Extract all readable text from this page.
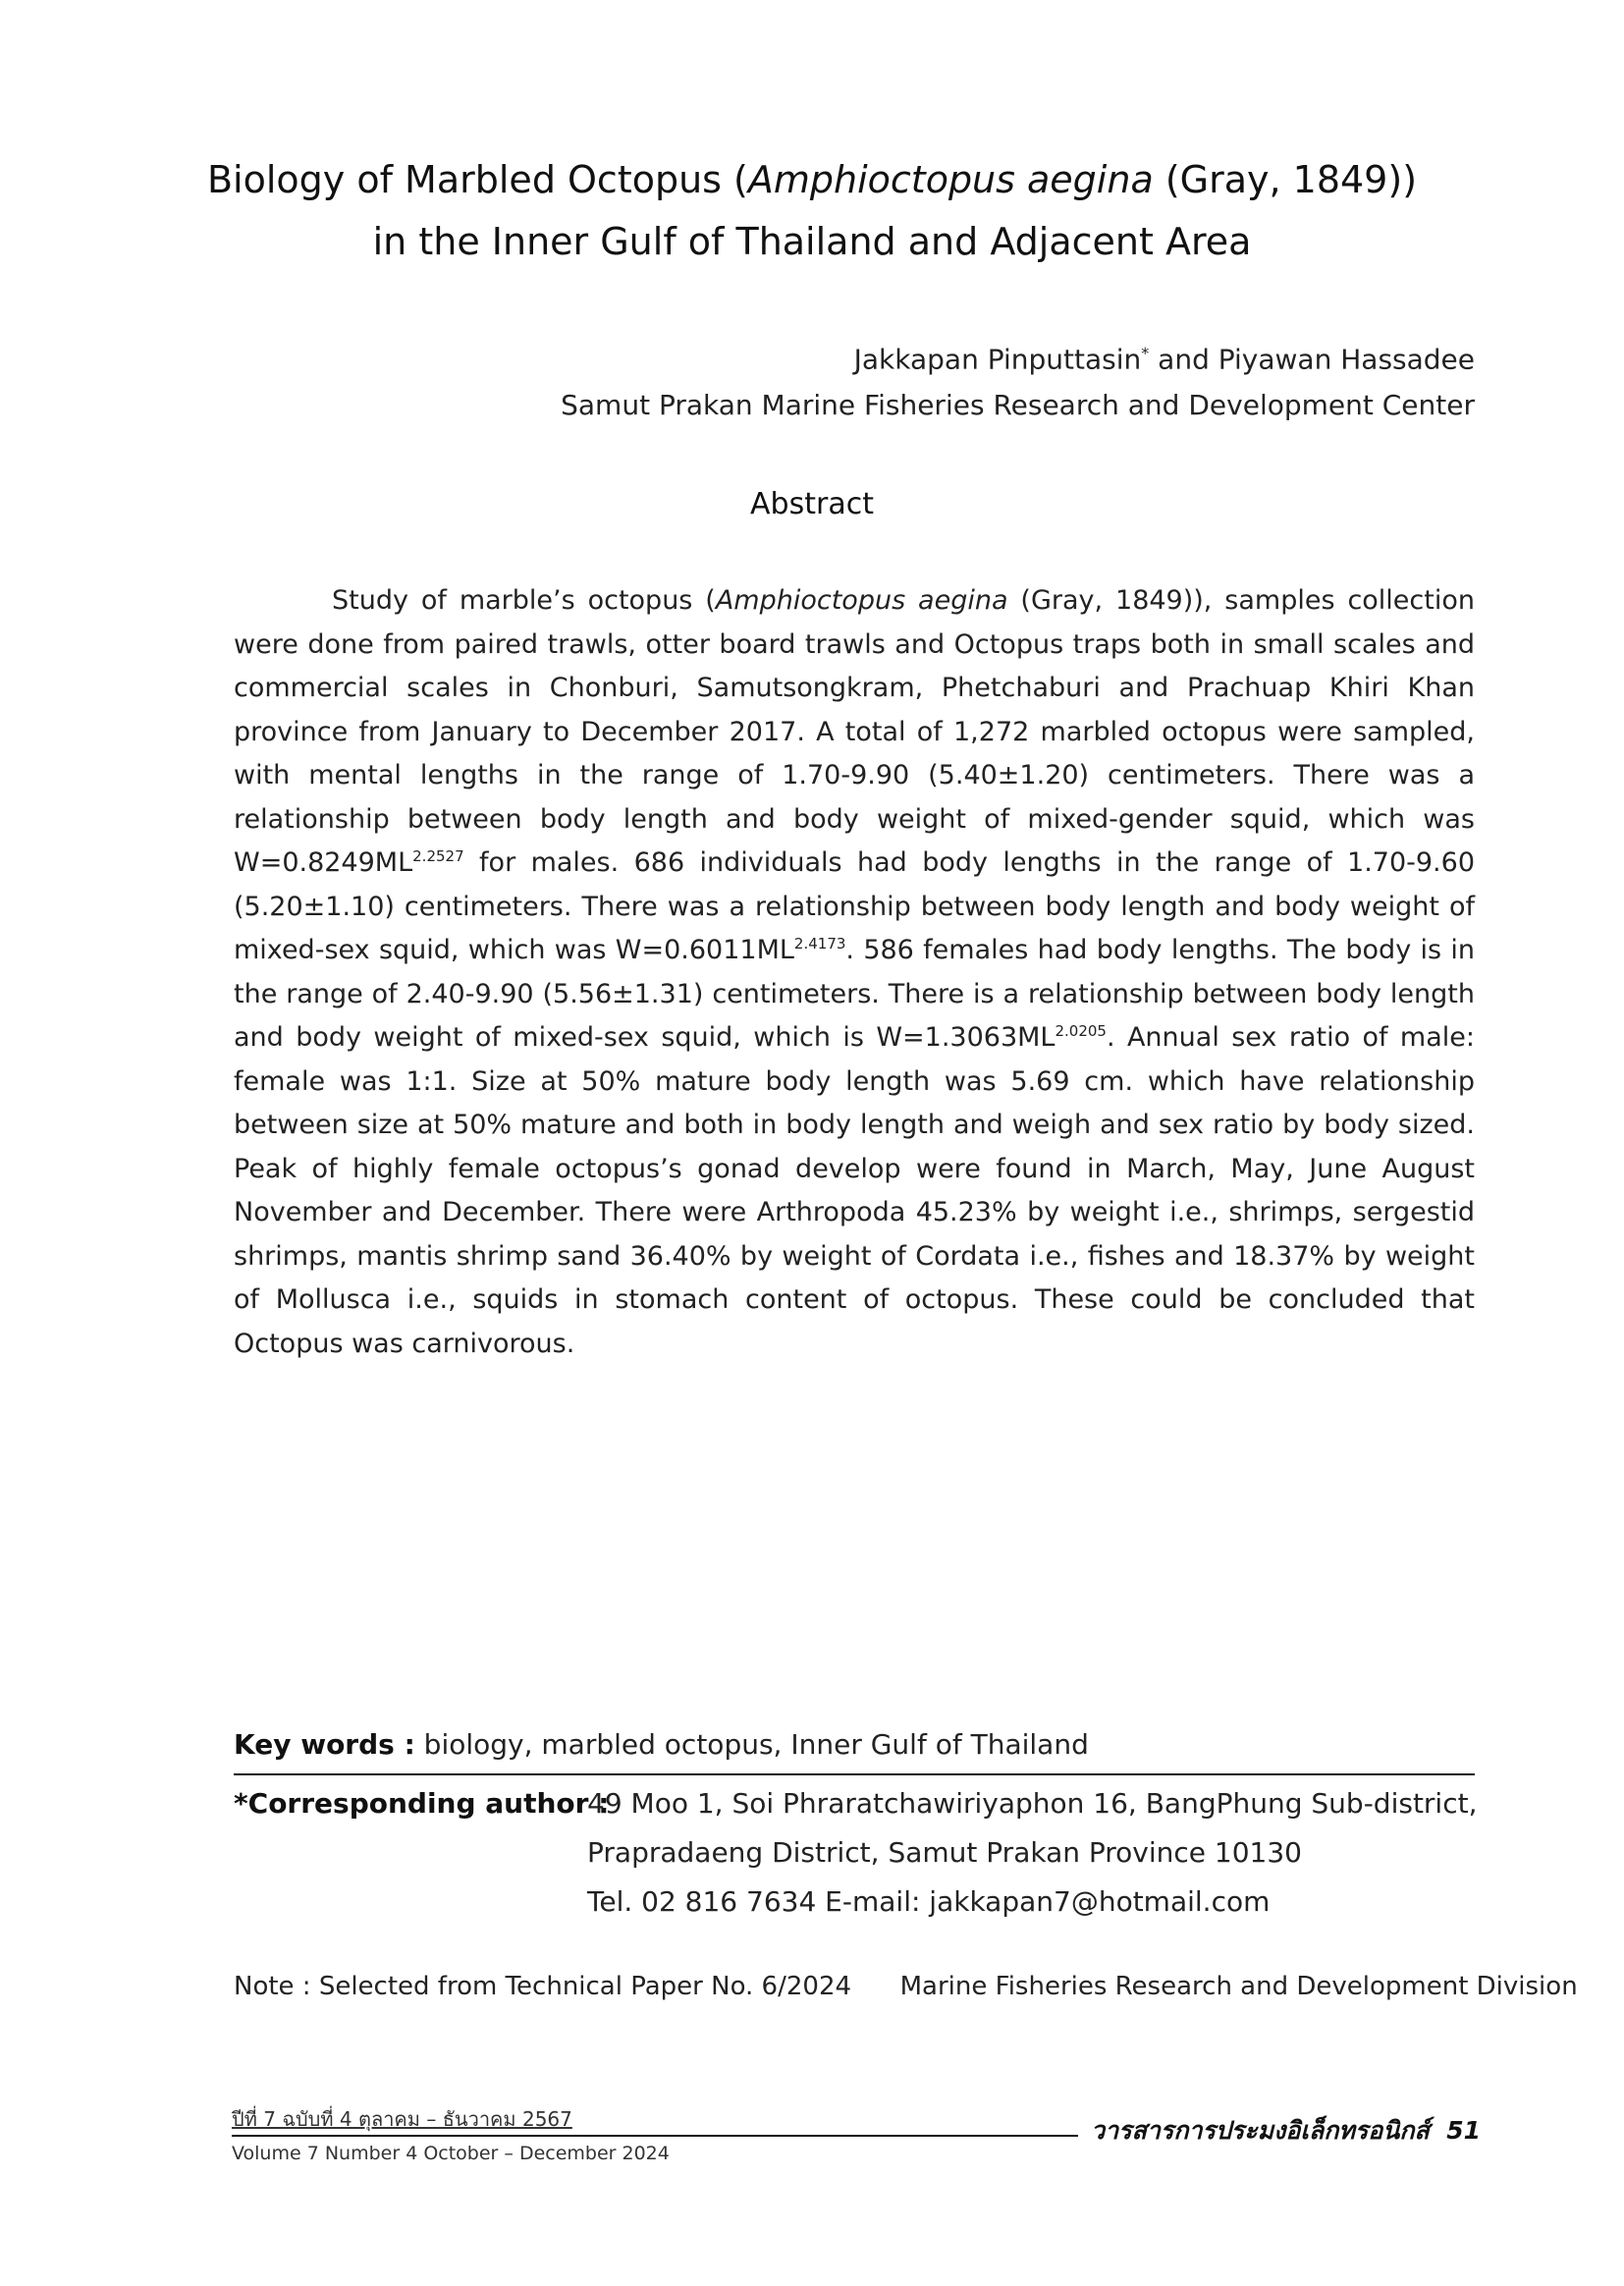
Biology of Marbled Octopus (Amphioctopus aegina (Gray, 1849))
in the Inner Gulf of Thailand and Adjacent Area
Jakkapan Pinputtasin* and Piyawan Hassadee
Samut Prakan Marine Fisheries Research and Development Center
Abstract
Study of marble’s octopus (Amphioctopus aegina (Gray, 1849)), samples collection were done from paired trawls, otter board trawls and Octopus traps both in small scales and commercial scales in Chonburi, Samutsongkram, Phetchaburi and Prachuap Khiri Khan province from January to December 2017. A total of 1,272 marbled octopus were sampled, with mental lengths in the range of 1.70-9.90 (5.40±1.20) centimeters. There was a relationship between body length and body weight of mixed-gender squid, which was $W=0.8249ML^{2.2527}$ for males. 686 individuals had body lengths in the range of 1.70-9.60 (5.20±1.10) centimeters. There was a relationship between body length and body weight of mixed-sex squid, which was $W=0.6011ML^{2.4173}$. 586 females had body lengths. The body is in the range of 2.40-9.90 (5.56±1.31) centimeters. There is a relationship between body length and body weight of mixed-sex squid, which is $W=1.3063ML^{2.0205}$. Annual sex ratio of male: female was 1:1. Size at 50% mature body length was 5.69 cm. which have relationship between size at 50% mature and both in body length and weigh and sex ratio by body sized. Peak of highly female octopus’s gonad develop were found in March, May, June August November and December. There were Arthropoda 45.23% by weight i.e., shrimps, sergestid shrimps, mantis shrimp sand 36.40% by weight of Cordata i.e., fishes and 18.37% by weight of Mollusca i.e., squids in stomach content of octopus. These could be concluded that Octopus was carnivorous.
Key words : biology, marbled octopus, Inner Gulf of Thailand
*Corresponding author :
49 Moo 1, Soi Phraratchawiriyaphon 16, BangPhung Sub-district,
Prapradaeng District, Samut Prakan Province 10130
Tel. 02 816 7634 E-mail: jakkapan7@hotmail.com
Note : Selected from Technical Paper No. 6/2024      Marine Fisheries Research and Development Division
ปีที่ 7 ฉบับที่ 4 ตุลาคม – ธันวาคม 2567	วารสารการประมงอิเล็กทรอนิกส์ 51
Volume 7 Number 4 October – December 2024
